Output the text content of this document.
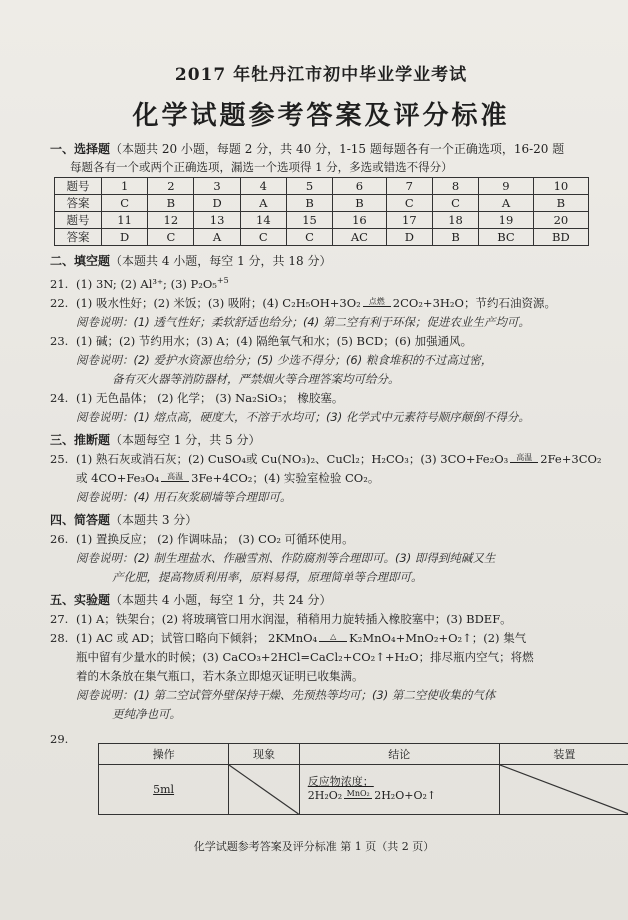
2017 年牡丹江市初中毕业学业考试
化学试题参考答案及评分标准
一、选择题（本题共 20 小题，每题 2 分，共 40 分，1-15 题每题各有一个正确选项，16-20 题
每题各有一个或两个正确选项，漏选一个选项得 1 分，多选或错选不得分）
题号	1	2	3	4	5	6	7	8	9	10
答案	C	B	D	A	B	B	C	C	A	B
题号	11	12	13	14	15	16	17	18	19	20
答案	D	C	A	C	C	AC	D	B	BC	BD
二、填空题（本题共 4 小题，每空 1 分，共 18 分）
21. (1) 3N; (2) Al³⁺; (3) P₂O₅$^{+5}$
22. (1) 吸水性好；(2) 米饭；(3) 吸附；(4) C₂H₅OH+3O₂	点燃 2CO₂+3H₂O；节约石油资源。
阅卷说明：(1) 透气性好；柔软舒适也给分；(4) 第二空有利于环保；促进农业生产均可。
23. (1) 碱；(2) 节约用水；(3) A；(4) 隔绝氧气和水；(5) BCD；(6) 加强通风。
阅卷说明：(2) 爱护水资源也给分；(5) 少选不得分；(6) 粮食堆积的不过高过密，
备有灭火器等消防器材，严禁烟火等合理答案均可给分。
24. (1) 无色晶体； (2) 化学； (3) Na₂SiO₃； 橡胶塞。
阅卷说明：(1) 熔点高，硬度大，不溶于水均可；(3) 化学式中元素符号顺序颠倒不得分。
三、推断题（本题每空 1 分，共 5 分）
25. (1) 熟石灰或消石灰；(2) CuSO₄或 Cu(NO₃)₂、CuCl₂；H₂CO₃；(3) 3CO+Fe₂O₃	高温 2Fe+3CO₂
或 4CO+Fe₃O₄	高温 3Fe+4CO₂；(4) 实验室检验 CO₂。
阅卷说明：(4) 用石灰浆刷墙等合理即可。
四、简答题（本题共 3 分）
26. (1) 置换反应； (2) 作调味品； (3) CO₂ 可循环使用。
阅卷说明：(2) 制生理盐水、作融雪剂、作防腐剂等合理即可。(3) 即得到纯碱又生
产化肥，提高物质利用率，原料易得，原理简单等合理即可。
五、实验题（本题共 4 小题，每空 1 分，共 24 分）
27. (1) A；铁架台；(2) 将玻璃管口用水润湿，稍稍用力旋转插入橡胶塞中；(3) BDEF。
28. (1) AC 或 AD；试管口略向下倾斜； 2KMnO₄	△	K₂MnO₄+MnO₂+O₂↑；(2) 集气
瓶中留有少量水的时候；(3) CaCO₃+2HCl=CaCl₂+CO₂↑+H₂O；排尽瓶内空气；将燃
着的木条放在集气瓶口，若木条立即熄灭证明已收集满。
阅卷说明：(1) 第二空试管外壁保持干燥、先预热等均可；(3) 第二空使收集的气体
更纯净也可。
29.
操作	现象	结论	装置
5ml		反应物浓度；
2H₂O₂ MnO₂ 2H₂O+O₂↑

化学试题参考答案及评分标准 第 1 页（共 2 页）
